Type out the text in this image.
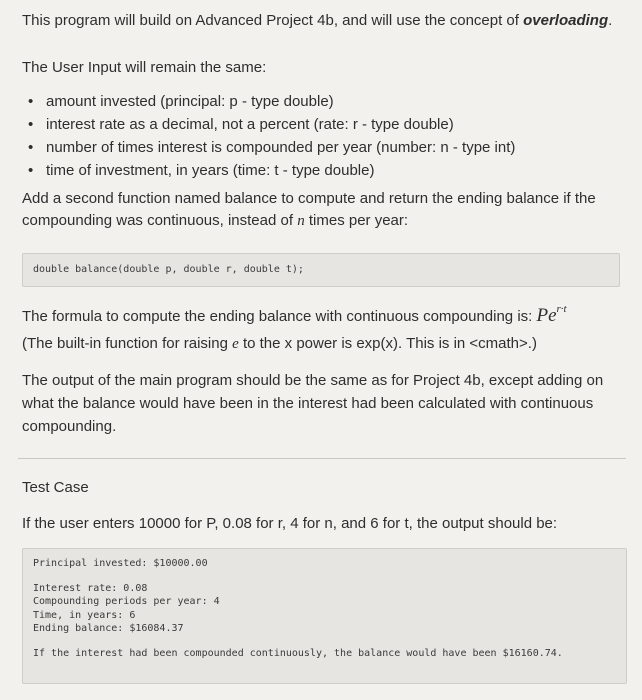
This program will build on Advanced Project 4b, and will use the concept of overloading.

The User Input will remain the same:

• amount invested (principal: p - type double)
• interest rate as a decimal, not a percent (rate: r - type double)
• number of times interest is compounded per year (number: n - type int)
• time of investment, in years (time: t - type double)

Add a second function named balance to compute and return the ending balance if the compounding was continuous, instead of n times per year:

double balance(double p, double r, double t);

The formula to compute the ending balance with continuous compounding is: $Pe^{r\cdot t}$

(The built-in function for raising e to the x power is exp(x). This is in <cmath>.)

The output of the main program should be the same as for Project 4b, except adding on what the balance would have been in the interest had been calculated with continuous compounding.

Test Case

If the user enters 10000 for P, 0.08 for r, 4 for n, and 6 for t, the output should be:

Principal invested: $10000.00
Interest rate: 0.08
Compounding periods per year: 4
Time, in years: 6
Ending balance: $16084.37
If the interest had been compounded continuously, the balance would have been $16160.74.
